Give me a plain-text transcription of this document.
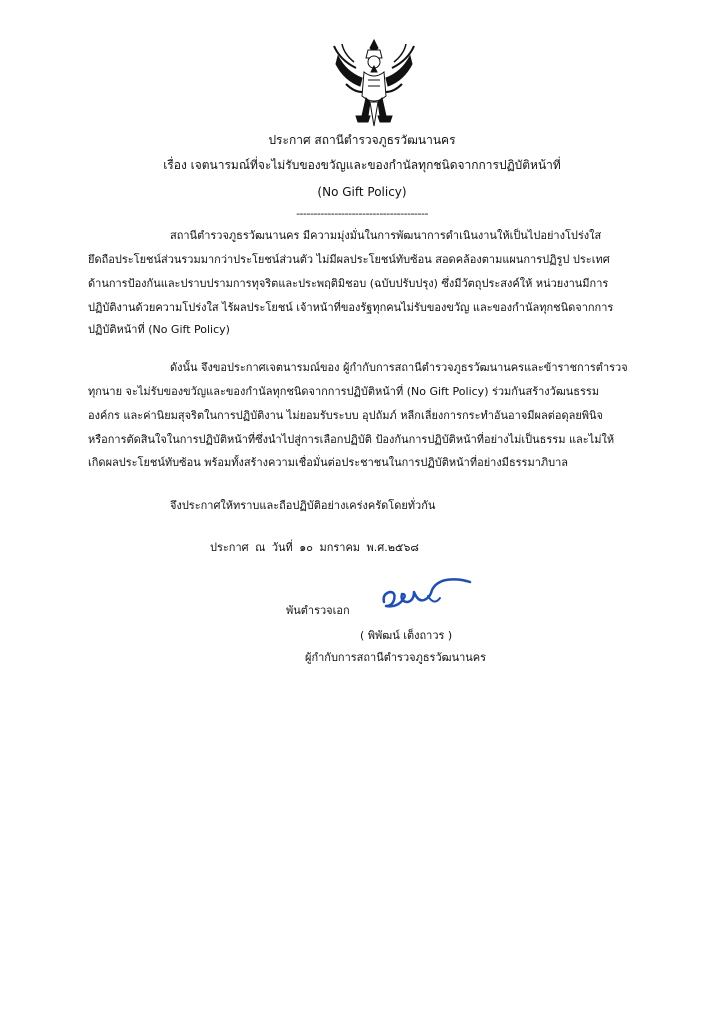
ประกาศ สถานีตำรวจภูธรวัฒนานคร
เรื่อง เจตนารมณ์ที่จะไม่รับของขวัญและของกำนัลทุกชนิดจากการปฏิบัติหน้าที่
(No Gift Policy)
--------------------------------------
สถานีตำรวจภูธรวัฒนานคร มีความมุ่งมั่นในการพัฒนาการดำเนินงานให้เป็นไปอย่างโปร่งใส
ยึดถือประโยชน์ส่วนรวมมากว่าประโยชน์ส่วนตัว ไม่มีผลประโยชน์ทับซ้อน สอดคล้องตามแผนการปฏิรูป ประเทศ
ด้านการป้องกันและปราบปรามการทุจริตและประพฤติมิชอบ (ฉบับปรับปรุง) ซึ่งมีวัตถุประสงค์ให้ หน่วยงานมีการ
ปฏิบัติงานด้วยความโปร่งใส ไร้ผลประโยชน์ เจ้าหน้าที่ของรัฐทุกคนไม่รับของขวัญ และของกำนัลทุกชนิดจากการ
ปฏิบัติหน้าที่ (No Gift Policy)
ดังนั้น จึงขอประกาศเจตนารมณ์ของ ผู้กำกับการสถานีตำรวจภูธรวัฒนานครและข้าราชการตำรวจ
ทุกนาย จะไม่รับของขวัญและของกำนัลทุกชนิดจากการปฏิบัติหน้าที่ (No Gift Policy) ร่วมกันสร้างวัฒนธรรม
องค์กร และค่านิยมสุจริตในการปฏิบัติงาน ไม่ยอมรับระบบ อุปถัมภ์ หลีกเลี่ยงการกระทำอันอาจมีผลต่อดุลยพินิจ
หรือการตัดสินใจในการปฏิบัติหน้าที่ซึ่งนำไปสู่การเลือกปฏิบัติ ป้องกันการปฏิบัติหน้าที่อย่างไม่เป็นธรรม และไม่ให้
เกิดผลประโยชน์ทับซ้อน พร้อมทั้งสร้างความเชื่อมั่นต่อประชาชนในการปฏิบัติหน้าที่อย่างมีธรรมาภิบาล
จึงประกาศให้ทราบและถือปฏิบัติอย่างเคร่งครัดโดยทั่วกัน
ประกาศ ณ วันที่ ๑๐ มกราคม พ.ศ.๒๕๖๘
พันตำรวจเอก
( พิพัฒน์ เต็งถาวร )
ผู้กำกับการสถานีตำรวจภูธรวัฒนานคร
